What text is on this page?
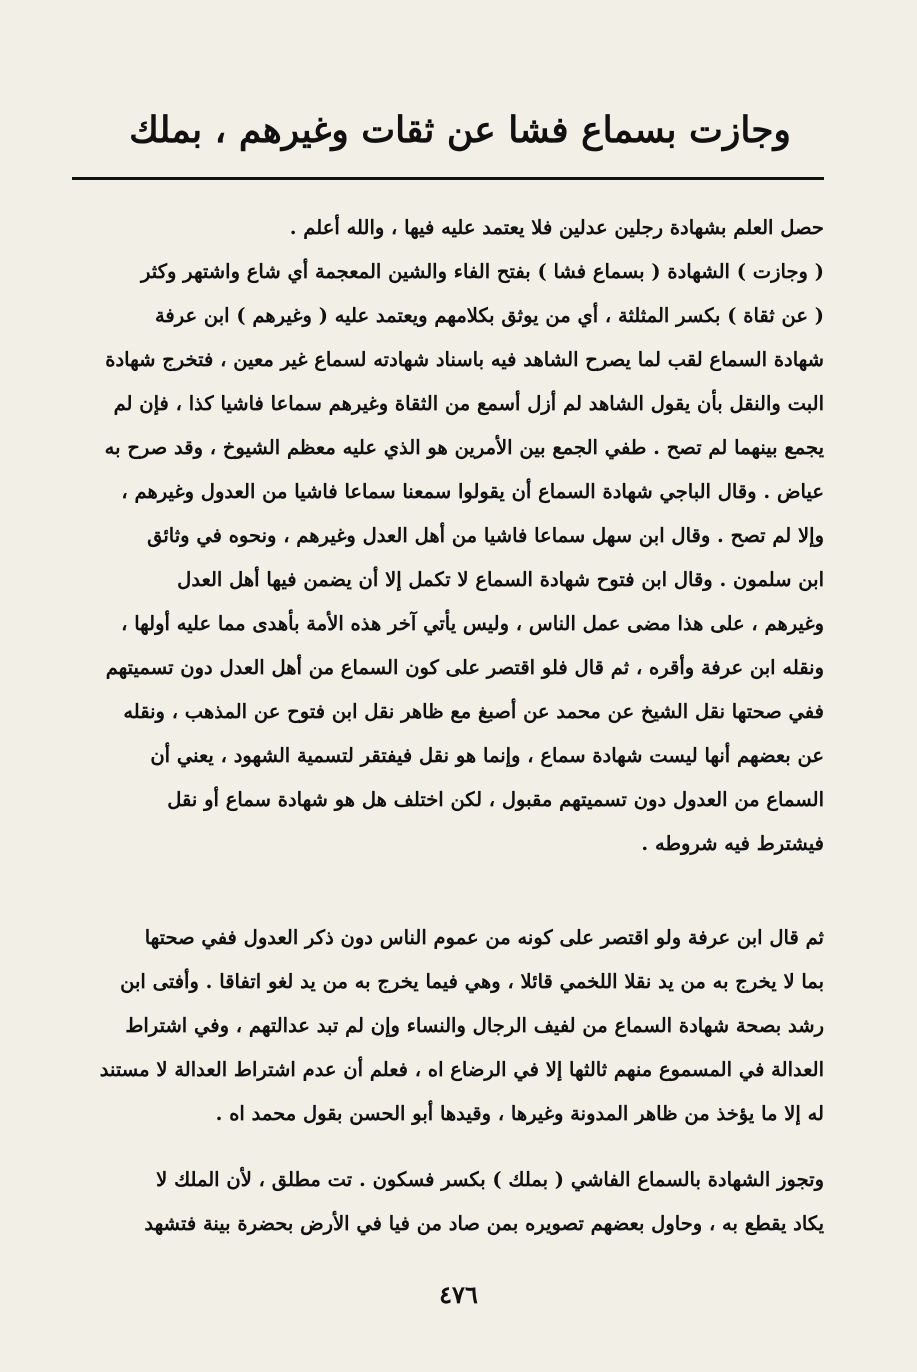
وجازت بسماع فشا عن ثقات وغيرهم ، بملك
حصل العلم بشهادة رجلين عدلين فلا يعتمد عليه فيها ، والله أعلم .
( وجازت ) الشهادة ( بسماع فشا ) بفتح الفاء والشين المعجمة أي شاع واشتهر وكثر
( عن ثقاة ) بكسر المثلثة ، أي من يوثق بكلامهم ويعتمد عليه ( وغيرهم ) ابن عرفة
شهادة السماع لقب لما يصرح الشاهد فيه باسناد شهادته لسماع غير معين ، فتخرج شهادة
البت والنقل بأن يقول الشاهد لم أزل أسمع من الثقاة وغيرهم سماعا فاشيا كذا ، فإن لم
يجمع بينهما لم تصح . طفي الجمع بين الأمرين هو الذي عليه معظم الشيوخ ، وقد صرح به
عياض . وقال الباجي شهادة السماع أن يقولوا سمعنا سماعا فاشيا من العدول وغيرهم ،
وإلا لم تصح . وقال ابن سهل سماعا فاشيا من أهل العدل وغيرهم ، ونحوه في وثائق
ابن سلمون . وقال ابن فتوح شهادة السماع لا تكمل إلا أن يضمن فيها أهل العدل
وغيرهم ، على هذا مضى عمل الناس ، وليس يأتي آخر هذه الأمة بأهدى مما عليه أولها ،
ونقله ابن عرفة وأقره ، ثم قال فلو اقتصر على كون السماع من أهل العدل دون تسميتهم
ففي صحتها نقل الشيخ عن محمد عن أصبغ مع ظاهر نقل ابن فتوح عن المذهب ، ونقله
عن بعضهم أنها ليست شهادة سماع ، وإنما هو نقل فيفتقر لتسمية الشهود ، يعني أن
السماع من العدول دون تسميتهم مقبول ، لكن اختلف هل هو شهادة سماع أو نقل
فيشترط فيه شروطه .
ثم قال ابن عرفة ولو اقتصر على كونه من عموم الناس دون ذكر العدول ففي صحتها
بما لا يخرج به من يد نقلا اللخمي قائلا ، وهي فيما يخرج به من يد لغو اتفاقا . وأفتى ابن
رشد بصحة شهادة السماع من لفيف الرجال والنساء وإن لم تبد عدالتهم ، وفي اشتراط
العدالة في المسموع منهم ثالثها إلا في الرضاع اه ، فعلم أن عدم اشتراط العدالة لا مستند
له إلا ما يؤخذ من ظاهر المدونة وغيرها ، وقيدها أبو الحسن بقول محمد اه .
وتجوز الشهادة بالسماع الفاشي ( بملك ) بكسر فسكون . تت مطلق ، لأن الملك لا
يكاد يقطع به ، وحاول بعضهم تصويره بمن صاد من فيا في الأرض بحضرة بينة فتشهد
٤٧٦
